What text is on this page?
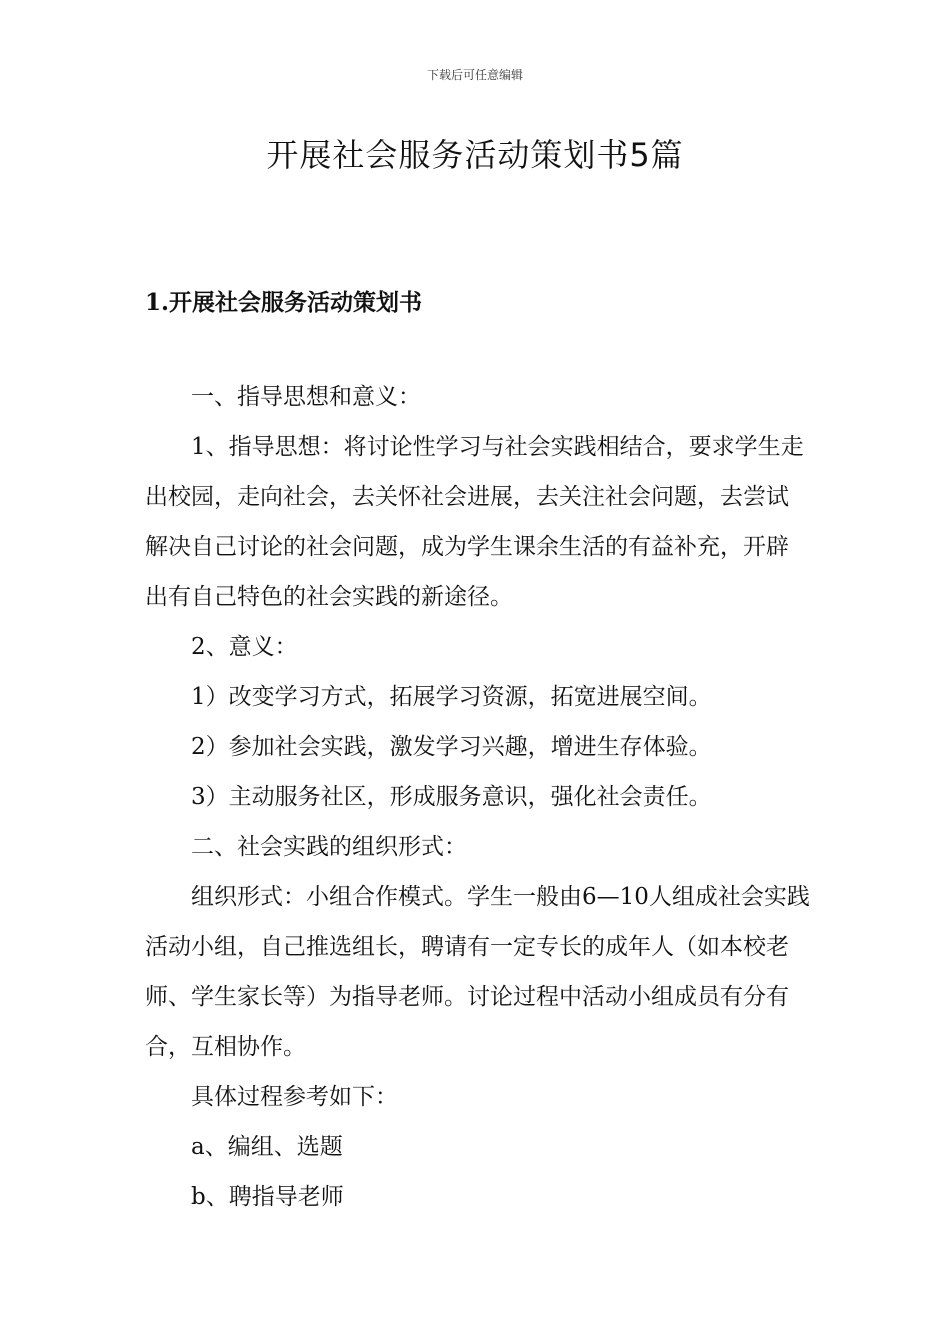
下载后可任意编辑
开展社会服务活动策划书5篇
1.开展社会服务活动策划书

一、指导思想和意义：

1、指导思想：将讨论性学习与社会实践相结合，要求学生走出校园，走向社会，去关怀社会进展，去关注社会问题，去尝试解决自己讨论的社会问题，成为学生课余生活的有益补充，开辟出有自己特色的社会实践的新途径。

2、意义：

1）改变学习方式，拓展学习资源，拓宽进展空间。

2）参加社会实践，激发学习兴趣，增进生存体验。

3）主动服务社区，形成服务意识，强化社会责任。

二、社会实践的组织形式：

组织形式：小组合作模式。学生一般由6—10人组成社会实践活动小组，自己推选组长，聘请有一定专长的成年人（如本校老师、学生家长等）为指导老师。讨论过程中活动小组成员有分有合，互相协作。

具体过程参考如下：

a、编组、选题

b、聘指导老师
